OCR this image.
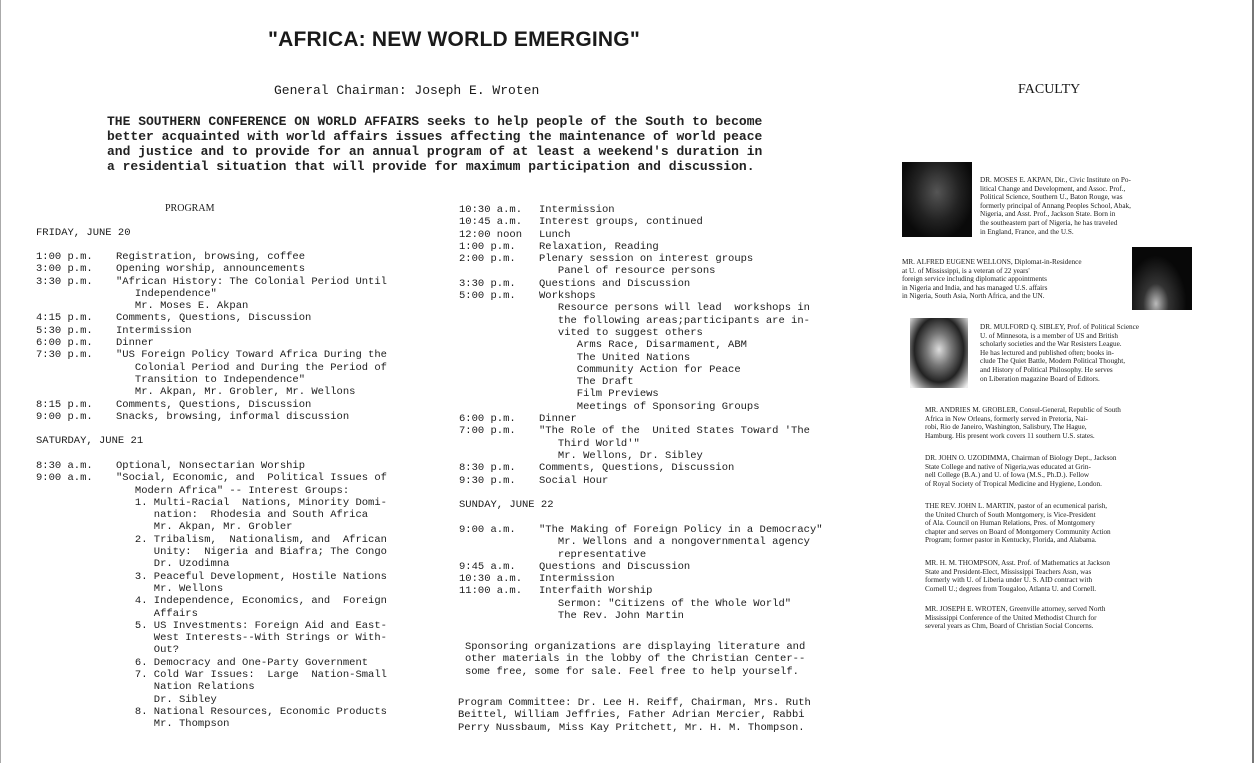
"AFRICA: NEW WORLD EMERGING"
General Chairman: Joseph E. Wroten
THE SOUTHERN CONFERENCE ON WORLD AFFAIRS seeks to help people of the South to become
better acquainted with world affairs issues affecting the maintenance of world peace
and justice and to provide for an annual program of at least a weekend's duration in
a residential situation that will provide for maximum participation and discussion.
FACULTY
PROGRAM
FRIDAY, JUNE 20
1:00 p.m.	Registration, browsing, coffee
3:00 p.m.	Opening worship, announcements
3:30 p.m.	"African History: The Colonial Period Until
Independence"
Mr. Moses E. Akpan
4:15 p.m.	Comments, Questions, Discussion
5:30 p.m.	Intermission
6:00 p.m.	Dinner
7:30 p.m.	"US Foreign Policy Toward Africa During the
Colonial Period and During the Period of
Transition to Independence"
Mr. Akpan, Mr. Grobler, Mr. Wellons
8:15 p.m.	Comments, Questions, Discussion
9:00 p.m.	Snacks, browsing, informal discussion
SATURDAY, JUNE 21
8:30 a.m.	Optional, Nonsectarian Worship
9:00 a.m.	"Social, Economic, and  Political Issues of
Modern Africa" -- Interest Groups:
1. Multi-Racial  Nations, Minority Domi-
nation:  Rhodesia and South Africa
Mr. Akpan, Mr. Grobler
2. Tribalism,  Nationalism, and  African
Unity:  Nigeria and Biafra; The Congo
Dr. Uzodimna
3. Peaceful Development, Hostile Nations
Mr. Wellons
4. Independence, Economics, and  Foreign
Affairs
5. US Investments: Foreign Aid and East-
West Interests--With Strings or With-
Out?
6. Democracy and One-Party Government
7. Cold War Issues:  Large  Nation-Small
Nation Relations
Dr. Sibley
8. National Resources, Economic Products
Mr. Thompson
10:30 a.m.	Intermission
10:45 a.m.	Interest groups, continued
12:00 noon	Lunch
1:00 p.m.	Relaxation, Reading
2:00 p.m.	Plenary session on interest groups
Panel of resource persons
3:30 p.m.	Questions and Discussion
5:00 p.m.	Workshops
Resource persons will lead  workshops in
the following areas;participants are in-
vited to suggest others
Arms Race, Disarmament, ABM
The United Nations
Community Action for Peace
The Draft
Film Previews
Meetings of Sponsoring Groups
6:00 p.m.	Dinner
7:00 p.m.	"The Role of the  United States Toward 'The
Third World'"
Mr. Wellons, Dr. Sibley
8:30 p.m.	Comments, Questions, Discussion
9:30 p.m.	Social Hour
SUNDAY, JUNE 22
9:00 a.m.	"The Making of Foreign Policy in a Democracy"
Mr. Wellons and a nongovernmental agency
representative
9:45 a.m.	Questions and Discussion
10:30 a.m.	Intermission
11:00 a.m.	Interfaith Worship
Sermon: "Citizens of the Whole World"
The Rev. John Martin
Sponsoring organizations are displaying literature and
other materials in the lobby of the Christian Center--
some free, some for sale. Feel free to help yourself.
Program Committee: Dr. Lee H. Reiff, Chairman, Mrs. Ruth
Beittel, William Jeffries, Father Adrian Mercier, Rabbi
Perry Nussbaum, Miss Kay Pritchett, Mr. H. M. Thompson.
DR. MOSES E. AKPAN, Dir., Civic Institute on Po-
litical Change and Development, and Assoc. Prof.,
Political Science, Southern U., Baton Rouge, was
formerly principal of Annang Peoples School, Abak,
Nigeria, and Asst. Prof., Jackson State. Born in
the southeastern part of Nigeria, he has traveled
in England, France, and the U.S.
MR. ALFRED EUGENE WELLONS, Diplomat-in-Residence
at U. of Mississippi, is a veteran of 22 years'
foreign service including diplomatic appointments
in Nigeria and India, and has managed U.S. affairs
in Nigeria, South Asia, North Africa, and the UN.
DR. MULFORD Q. SIBLEY, Prof. of Political Science
U. of Minnesota, is a member of US and British
scholarly societies and the War Resisters League.
He has lectured and published often; books in-
clude The Quiet Battle, Modern Political Thought,
and History of Political Philosophy. He serves
on Liberation magazine Board of Editors.
MR. ANDRIES M. GROBLER, Consul-General, Republic of South
Africa in New Orleans, formerly served in Pretoria, Nai-
robi, Rio de Janeiro, Washington, Salisbury, The Hague,
Hamburg. His present work covers 11 southern U.S. states.
DR. JOHN O. UZODIMMA, Chairman of Biology Dept., Jackson
State College and native of Nigeria,was educated at Grin-
nell College (B.A.) and U. of Iowa (M.S., Ph.D.). Fellow
of Royal Society of Tropical Medicine and Hygiene, London.
THE REV. JOHN L. MARTIN, pastor of an ecumenical parish,
the United Church of South Montgomery, is Vice-President
of Ala. Council on Human Relations, Pres. of Montgomery
chapter and serves on Board of Montgomery Community Action
Program; former pastor in Kentucky, Florida, and Alabama.
MR. H. M. THOMPSON, Asst. Prof. of Mathematics at Jackson
State and President-Elect, Mississippi Teachers Assn, was
formerly with U. of Liberia under U. S. AID contract with
Cornell U.; degrees from Tougaloo, Atlanta U. and Cornell.
MR. JOSEPH E. WROTEN, Greenville attorney, served North
Mississippi Conference of the United Methodist Church for
several years as Chm, Board of Christian Social Concerns.
